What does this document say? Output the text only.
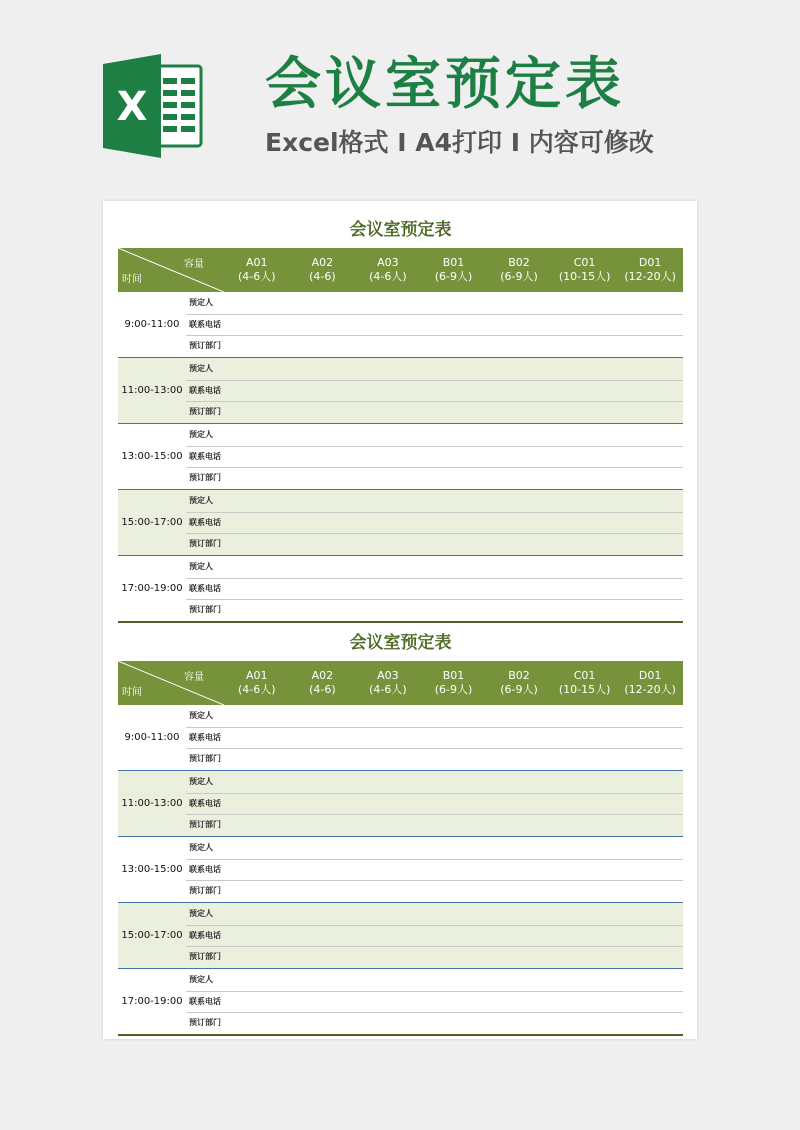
X 会议室预定表
Excel格式 Ⅰ A4打印 Ⅰ 内容可修改
会议室预定表
容量
时间
A01
(4-6人)
A02
(4-6)
A03
(4-6人)
B01
(6-9人)
B02
(6-9人)
C01
(10-15人)
D01
(12-20人)
9:00-11:00
预定人
联系电话
预订部门
11:00-13:00
预定人
联系电话
预订部门
13:00-15:00
预定人
联系电话
预订部门
15:00-17:00
预定人
联系电话
预订部门
17:00-19:00
预定人
联系电话
预订部门
会议室预定表
容量
时间
A01
(4-6人)
A02
(4-6)
A03
(4-6人)
B01
(6-9人)
B02
(6-9人)
C01
(10-15人)
D01
(12-20人)
9:00-11:00
预定人
联系电话
预订部门
11:00-13:00
预定人
联系电话
预订部门
13:00-15:00
预定人
联系电话
预订部门
15:00-17:00
预定人
联系电话
预订部门
17:00-19:00
预定人
联系电话
预订部门
